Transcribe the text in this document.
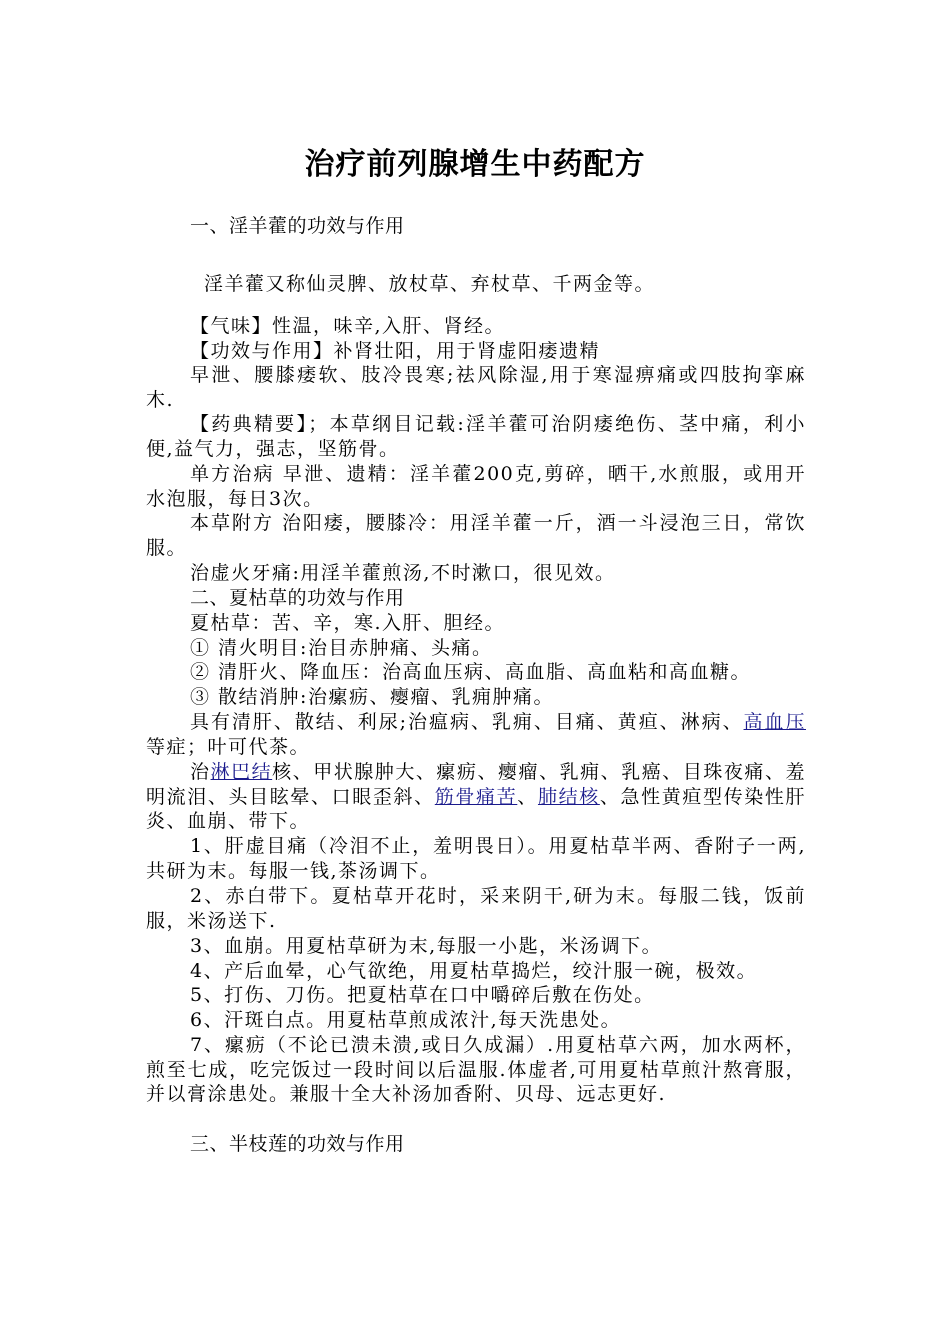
治疗前列腺增生中药配方
一、淫羊藿的功效与作用
淫羊藿又称仙灵脾、放杖草、弃杖草、千两金等。
【气味】性温，味辛,入肝、肾经。
【功效与作用】补肾壮阳，用于肾虚阳痿遗精
早泄、腰膝痿软、肢冷畏寒;祛风除湿,用于寒湿痹痛或四肢拘挛麻木.
【药典精要】；本草纲目记载:淫羊藿可治阴痿绝伤、茎中痛，利小便,益气力，强志，坚筋骨。
单方治病 早泄、遗精：淫羊藿200克,剪碎，晒干,水煎服，或用开水泡服，每日3次。
本草附方 治阳痿，腰膝冷：用淫羊藿一斤，酒一斗浸泡三日，常饮服。
治虚火牙痛:用淫羊藿煎汤,不时漱口，很见效。
二、夏枯草的功效与作用
夏枯草：苦、辛，寒.入肝、胆经。
① 清火明目:治目赤肿痛、头痛。
② 清肝火、降血压：治高血压病、高血脂、高血粘和高血糖。
③ 散结消肿:治瘰疬、瘿瘤、乳痈肿痛。
具有清肝、散结、利尿;治瘟病、乳痈、目痛、黄疸、淋病、高血压等症；叶可代茶。
治淋巴结核、甲状腺肿大、瘰疬、瘿瘤、乳痈、乳癌、目珠夜痛、羞明流泪、头目眩晕、口眼歪斜、筋骨痛苦、肺结核、急性黄疸型传染性肝炎、血崩、带下。
1、肝虚目痛（冷泪不止，羞明畏日）。用夏枯草半两、香附子一两,共研为末。每服一钱,茶汤调下。
2、赤白带下。夏枯草开花时，采来阴干,研为末。每服二钱，饭前服，米汤送下.
3、血崩。用夏枯草研为末,每服一小匙，米汤调下。
4、产后血晕，心气欲绝，用夏枯草捣烂，绞汁服一碗，极效。
5、打伤、刀伤。把夏枯草在口中嚼碎后敷在伤处。
6、汗斑白点。用夏枯草煎成浓汁,每天洗患处。
7、瘰疬（不论已溃未溃,或日久成漏）.用夏枯草六两，加水两杯，煎至七成，吃完饭过一段时间以后温服.体虚者,可用夏枯草煎汁熬膏服，并以膏涂患处。兼服十全大补汤加香附、贝母、远志更好.
三、半枝莲的功效与作用
